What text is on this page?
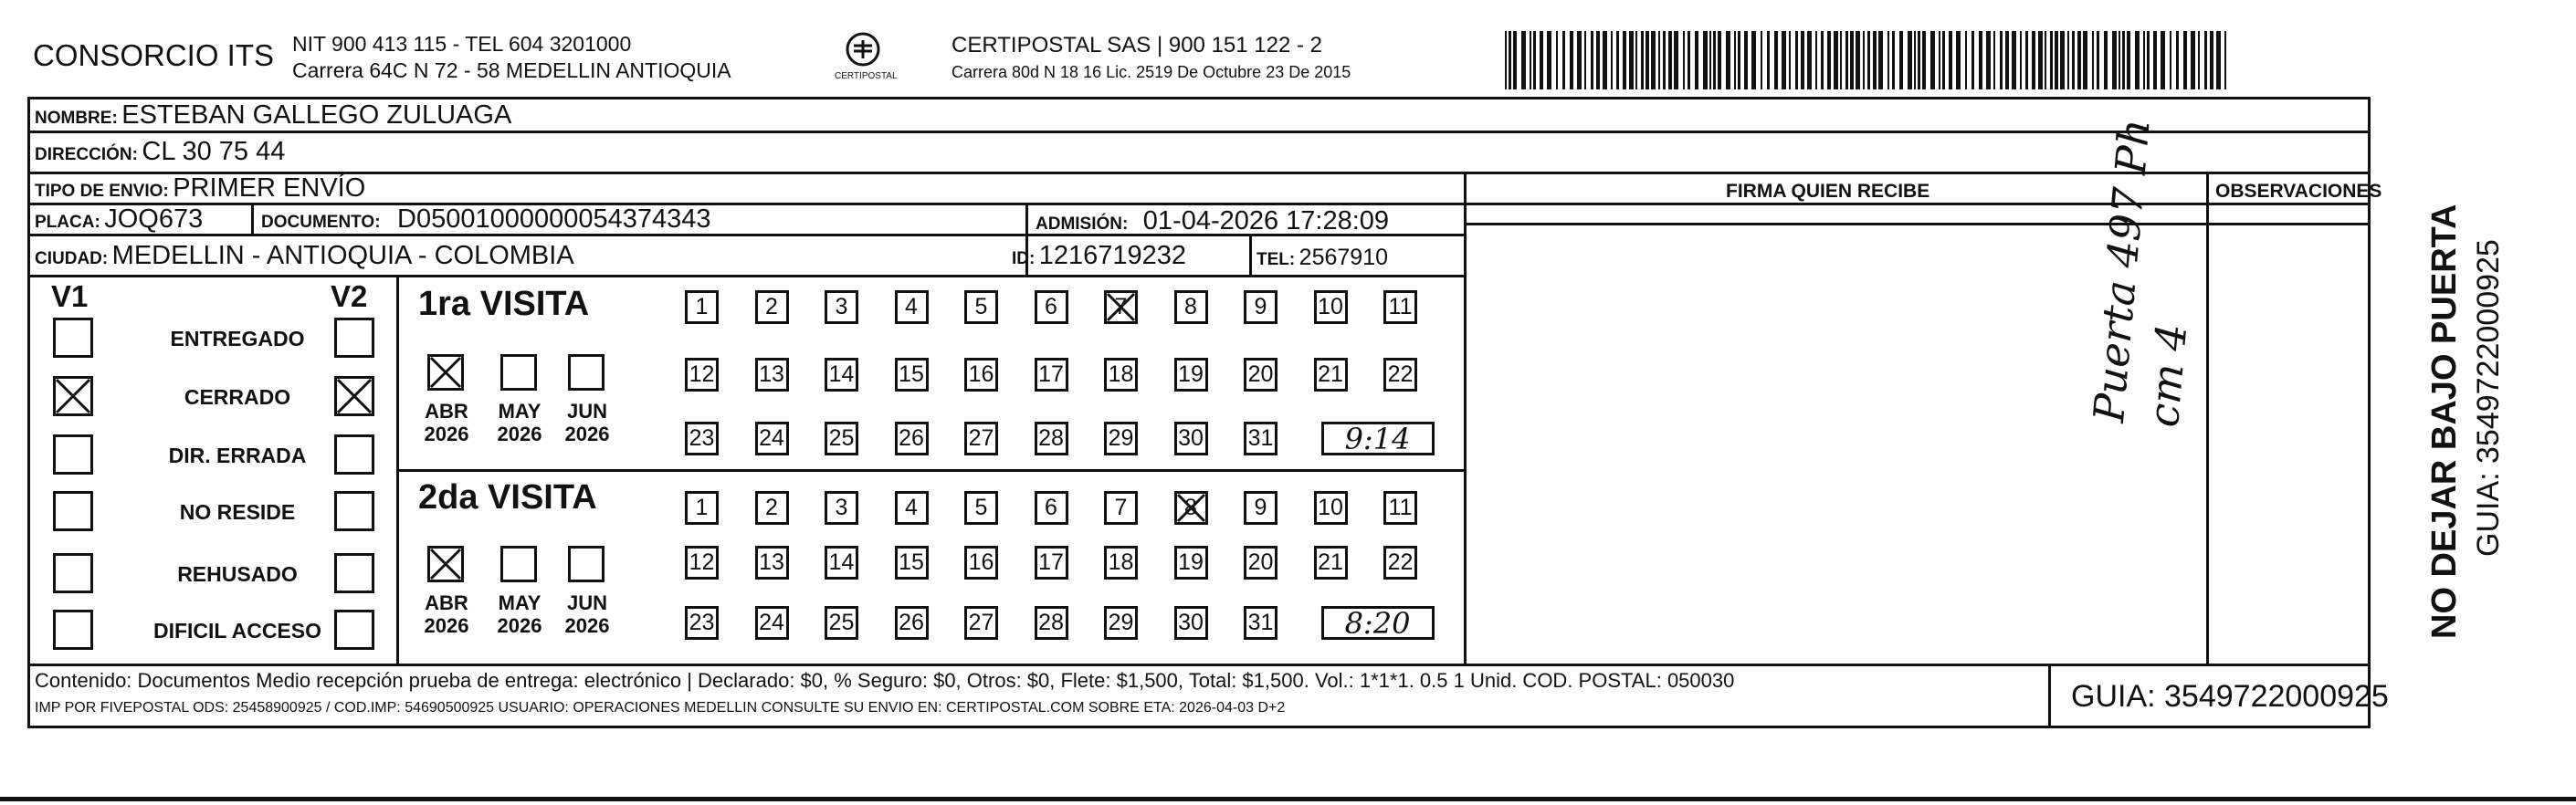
CONSORCIO ITS NIT 900 413 115 - TEL 604 3201000
Carrera 64C N 72 - 58 MEDELLIN ANTIOQUIA	CERTIPOSTAL
CERTIPOSTAL SAS | 900 151 122 - 2
Carrera 80d N 18 16 Lic. 2519 De Octubre 23 De 2015
NOMBRE: ESTEBAN GALLEGO ZULUAGA
DIRECCIÓN: CL 30 75 44
TIPO DE ENVIO: PRIMER ENVÍO
PLACA: JOQ673	DOCUMENTO: D05001000000054374343	ADMISIÓN: 01-04-2026 17:28:09
CIUDAD: MEDELLIN - ANTIOQUIA - COLOMBIA	ID: 1216719232	TEL: 2567910
FIRMA QUIEN RECIBE	OBSERVACIONES
Puerta 497 Ph cm 4
V1	V2
ENTREGADO
CERRADO
DIR. ERRADA
NO RESIDE
REHUSADO
DIFICIL ACCESO
1ra VISITA
ABR
2026
MAY
2026
JUN
2026
1	2	3	4	5	6	7	8	9 10 11
12 13 14 15 16 17 18 19 20 21 22
23 24 25 26 27 28 29 30 31 9:14
2da VISITA
ABR
2026
MAY
2026
JUN
2026
1	2	3	4	5	6	7	8	9 10 11
12 13 14 15 16 17 18 19 20 21 22
23 24 25 26 27 28 29 30 31 8:20
Contenido: Documentos Medio recepción prueba de entrega: electrónico | Declarado: $0, % Seguro: $0, Otros: $0, Flete: $1,500, Total: $1,500. Vol.: 1*1*1. 0.5 1 Unid. COD. POSTAL: 050030
IMP POR FIVEPOSTAL ODS: 25458900925 / COD.IMP: 54690500925 USUARIO: OPERACIONES MEDELLIN CONSULTE SU ENVIO EN: CERTIPOSTAL.COM SOBRE ETA: 2026-04-03 D+2	GUIA: 3549722000925
NO DEJAR BAJO PUERTA GUIA: 3549722000925
